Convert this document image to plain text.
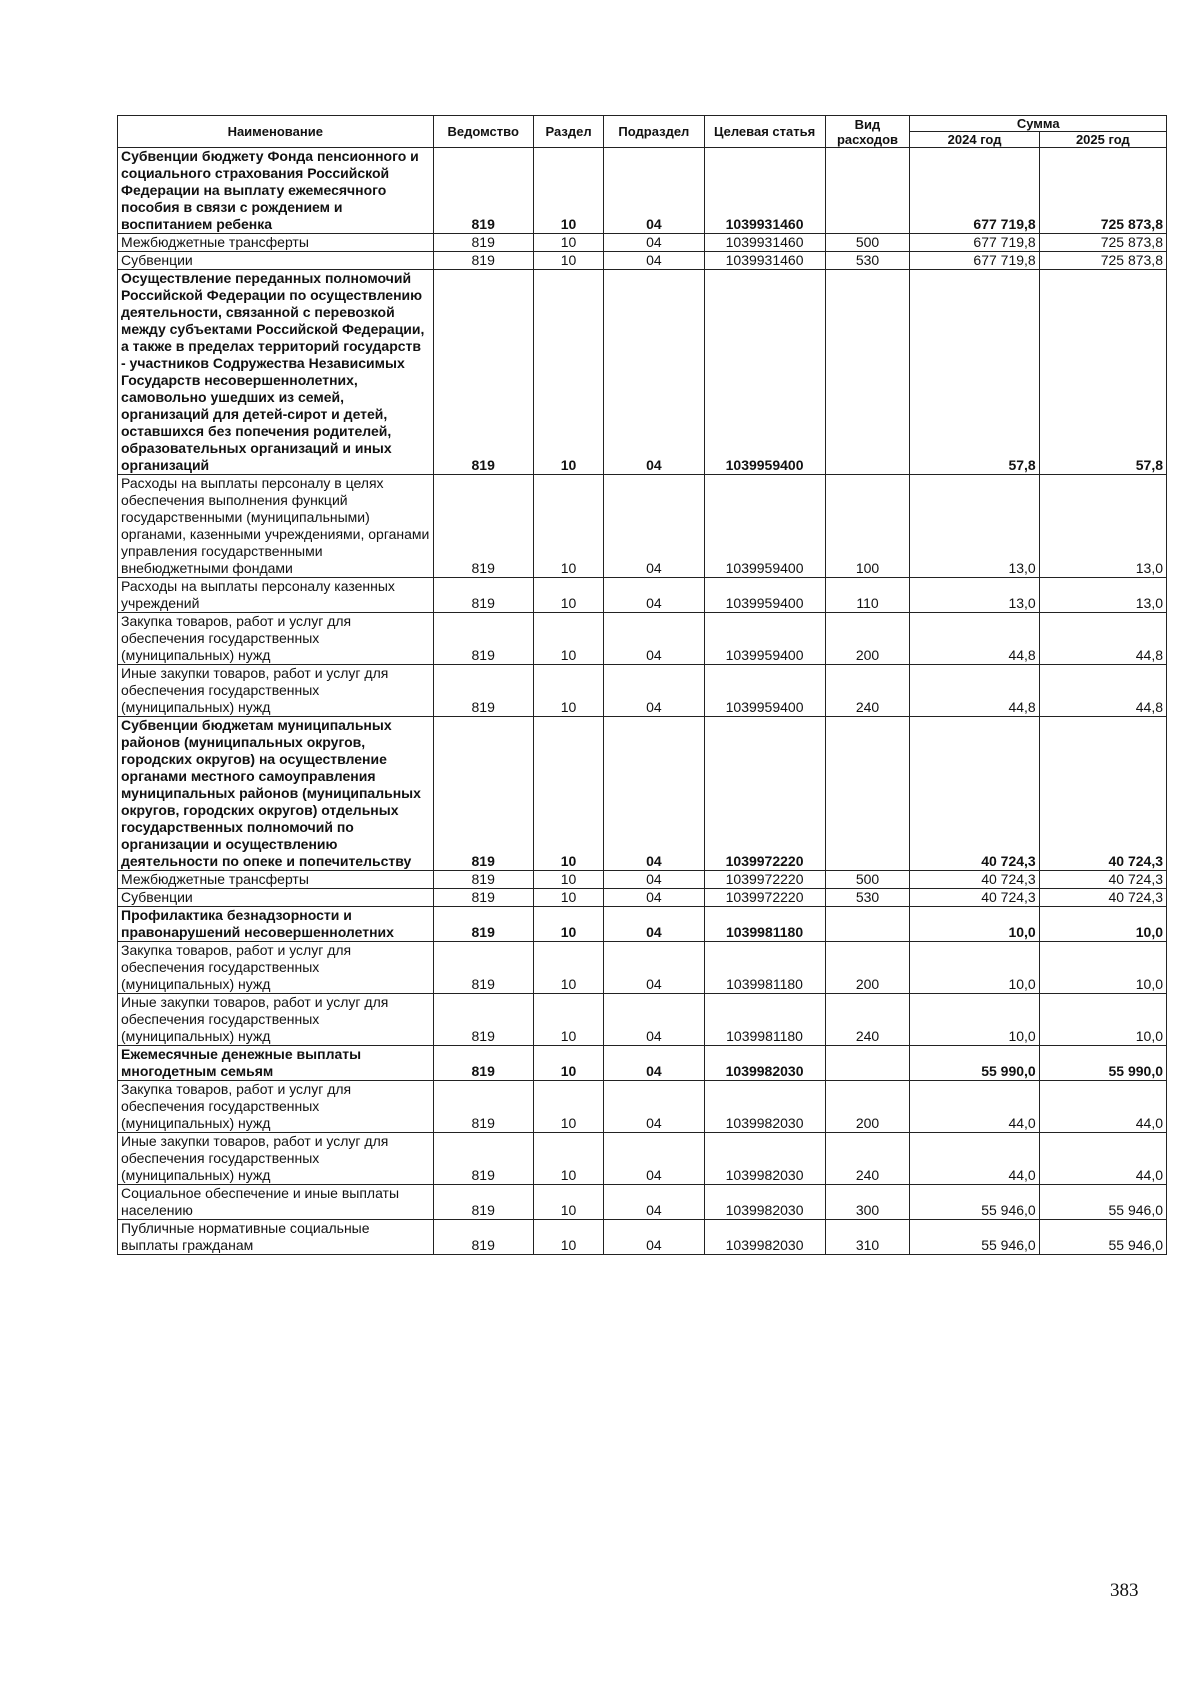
Наименование	Ведомство	Раздел	Подраздел	Целевая статья	Вид расходов	Сумма	
						2024 год	2025 год
Субвенции бюджету Фонда пенсионного и социального страхования Российской Федерации на выплату ежемесячного пособия в связи с рождением и воспитанием ребенка	819	10	04	1039931460		677 719,8	725 873,8
Межбюджетные трансферты	819	10	04	1039931460	500	677 719,8	725 873,8
Субвенции	819	10	04	1039931460	530	677 719,8	725 873,8
Осуществление переданных полномочий Российской Федерации по осуществлению деятельности, связанной с перевозкой между субъектами Российской Федерации, а также в пределах территорий государств - участников Содружества Независимых Государств несовершеннолетних, самовольно ушедших из семей, организаций для детей-сирот и детей, оставшихся без попечения родителей, образовательных организаций и иных организаций	819	10	04	1039959400		57,8	57,8
Расходы на выплаты персоналу в целях обеспечения выполнения функций государственными (муниципальными) органами, казенными учреждениями, органами управления государственными внебюджетными фондами	819	10	04	1039959400	100	13,0	13,0
Расходы на выплаты персоналу казенных учреждений	819	10	04	1039959400	110	13,0	13,0
Закупка товаров, работ и услуг для обеспечения государственных (муниципальных) нужд	819	10	04	1039959400	200	44,8	44,8
Иные закупки товаров, работ и услуг для обеспечения государственных (муниципальных) нужд	819	10	04	1039959400	240	44,8	44,8
Субвенции бюджетам муниципальных районов (муниципальных округов, городских округов) на осуществление органами местного самоуправления муниципальных районов (муниципальных округов, городских округов) отдельных государственных полномочий по организации и осуществлению деятельности по опеке и попечительству	819	10	04	1039972220		40 724,3	40 724,3
Межбюджетные трансферты	819	10	04	1039972220	500	40 724,3	40 724,3
Субвенции	819	10	04	1039972220	530	40 724,3	40 724,3
Профилактика безнадзорности и правонарушений несовершеннолетних	819	10	04	1039981180		10,0	10,0
Закупка товаров, работ и услуг для обеспечения государственных (муниципальных) нужд	819	10	04	1039981180	200	10,0	10,0
Иные закупки товаров, работ и услуг для обеспечения государственных (муниципальных) нужд	819	10	04	1039981180	240	10,0	10,0
Ежемесячные денежные выплаты многодетным семьям	819	10	04	1039982030		55 990,0	55 990,0
Закупка товаров, работ и услуг для обеспечения государственных (муниципальных) нужд	819	10	04	1039982030	200	44,0	44,0
Иные закупки товаров, работ и услуг для обеспечения государственных (муниципальных) нужд	819	10	04	1039982030	240	44,0	44,0
Социальное обеспечение и иные выплаты населению	819	10	04	1039982030	300	55 946,0	55 946,0
Публичные нормативные социальные выплаты гражданам	819	10	04	1039982030	310	55 946,0	55 946,0
383
